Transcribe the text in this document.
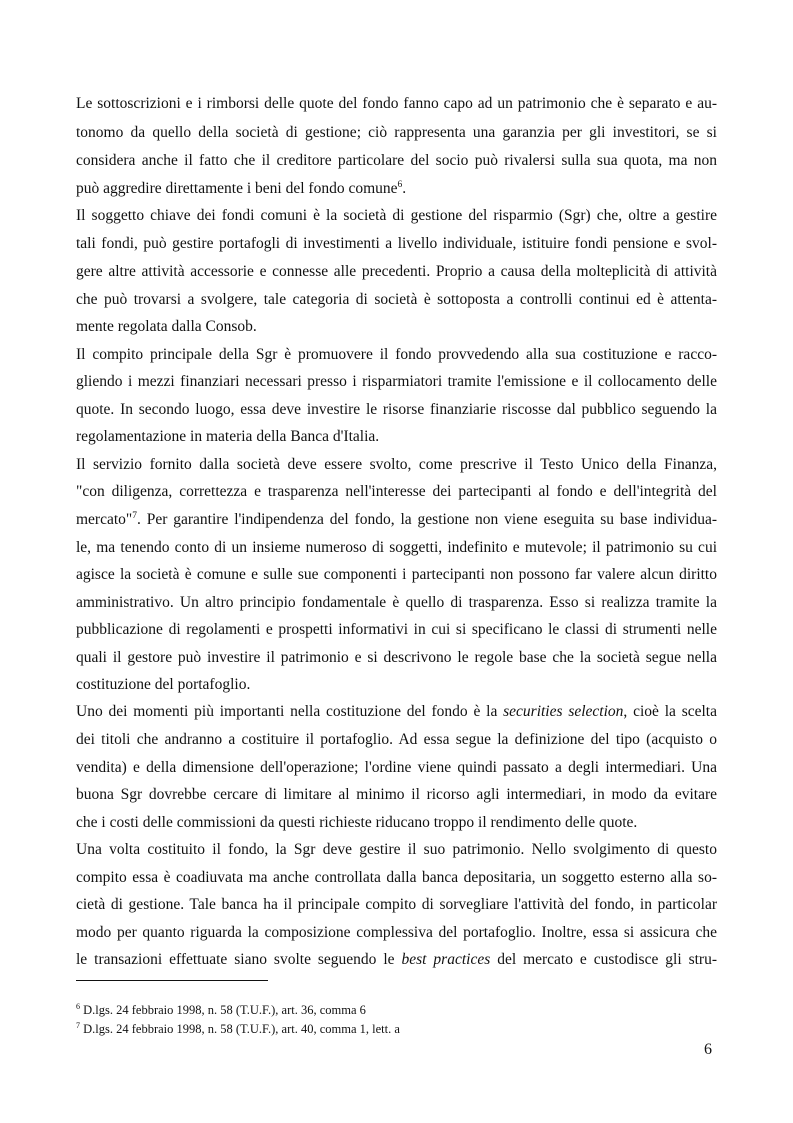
Le sottoscrizioni e i rimborsi delle quote del fondo fanno capo ad un patrimonio che è separato e au-
tonomo da quello della società di gestione; ciò rappresenta una garanzia per gli investitori, se si
considera anche il fatto che il creditore particolare del socio può rivalersi sulla sua quota, ma non
può aggredire direttamente i beni del fondo comune$^6$.
Il soggetto chiave dei fondi comuni è la società di gestione del risparmio (Sgr) che, oltre a gestire
tali fondi, può gestire portafogli di investimenti a livello individuale, istituire fondi pensione e svol-
gere altre attività accessorie e connesse alle precedenti. Proprio a causa della molteplicità di attività
che può trovarsi a svolgere, tale categoria di società è sottoposta a controlli continui ed è attenta-
mente regolata dalla Consob.
Il compito principale della Sgr è promuovere il fondo provvedendo alla sua costituzione e racco-
gliendo i mezzi finanziari necessari presso i risparmiatori tramite l'emissione e il collocamento delle
quote. In secondo luogo, essa deve investire le risorse finanziarie riscosse dal pubblico seguendo la
regolamentazione in materia della Banca d'Italia.
Il servizio fornito dalla società deve essere svolto, come prescrive il Testo Unico della Finanza,
"con diligenza, correttezza e trasparenza nell'interesse dei partecipanti al fondo e dell'integrità del
mercato"$^7$. Per garantire l'indipendenza del fondo, la gestione non viene eseguita su base individua-
le, ma tenendo conto di un insieme numeroso di soggetti, indefinito e mutevole; il patrimonio su cui
agisce la società è comune e sulle sue componenti i partecipanti non possono far valere alcun diritto
amministrativo. Un altro principio fondamentale è quello di trasparenza. Esso si realizza tramite la
pubblicazione di regolamenti e prospetti informativi in cui si specificano le classi di strumenti nelle
quali il gestore può investire il patrimonio e si descrivono le regole base che la società segue nella
costituzione del portafoglio.
Uno dei momenti più importanti nella costituzione del fondo è la securities selection, cioè la scelta
dei titoli che andranno a costituire il portafoglio. Ad essa segue la definizione del tipo (acquisto o
vendita) e della dimensione dell'operazione; l'ordine viene quindi passato a degli intermediari. Una
buona Sgr dovrebbe cercare di limitare al minimo il ricorso agli intermediari, in modo da evitare
che i costi delle commissioni da questi richieste riducano troppo il rendimento delle quote.
Una volta costituito il fondo, la Sgr deve gestire il suo patrimonio. Nello svolgimento di questo
compito essa è coadiuvata ma anche controllata dalla banca depositaria, un soggetto esterno alla so-
cietà di gestione. Tale banca ha il principale compito di sorvegliare l'attività del fondo, in particolar
modo per quanto riguarda la composizione complessiva del portafoglio. Inoltre, essa si assicura che
le transazioni effettuate siano svolte seguendo le best practices del mercato e custodisce gli stru-
$^6$ D.lgs. 24 febbraio 1998, n. 58 (T.U.F.), art. 36, comma 6
$^7$ D.lgs. 24 febbraio 1998, n. 58 (T.U.F.), art. 40, comma 1, lett. a
6
